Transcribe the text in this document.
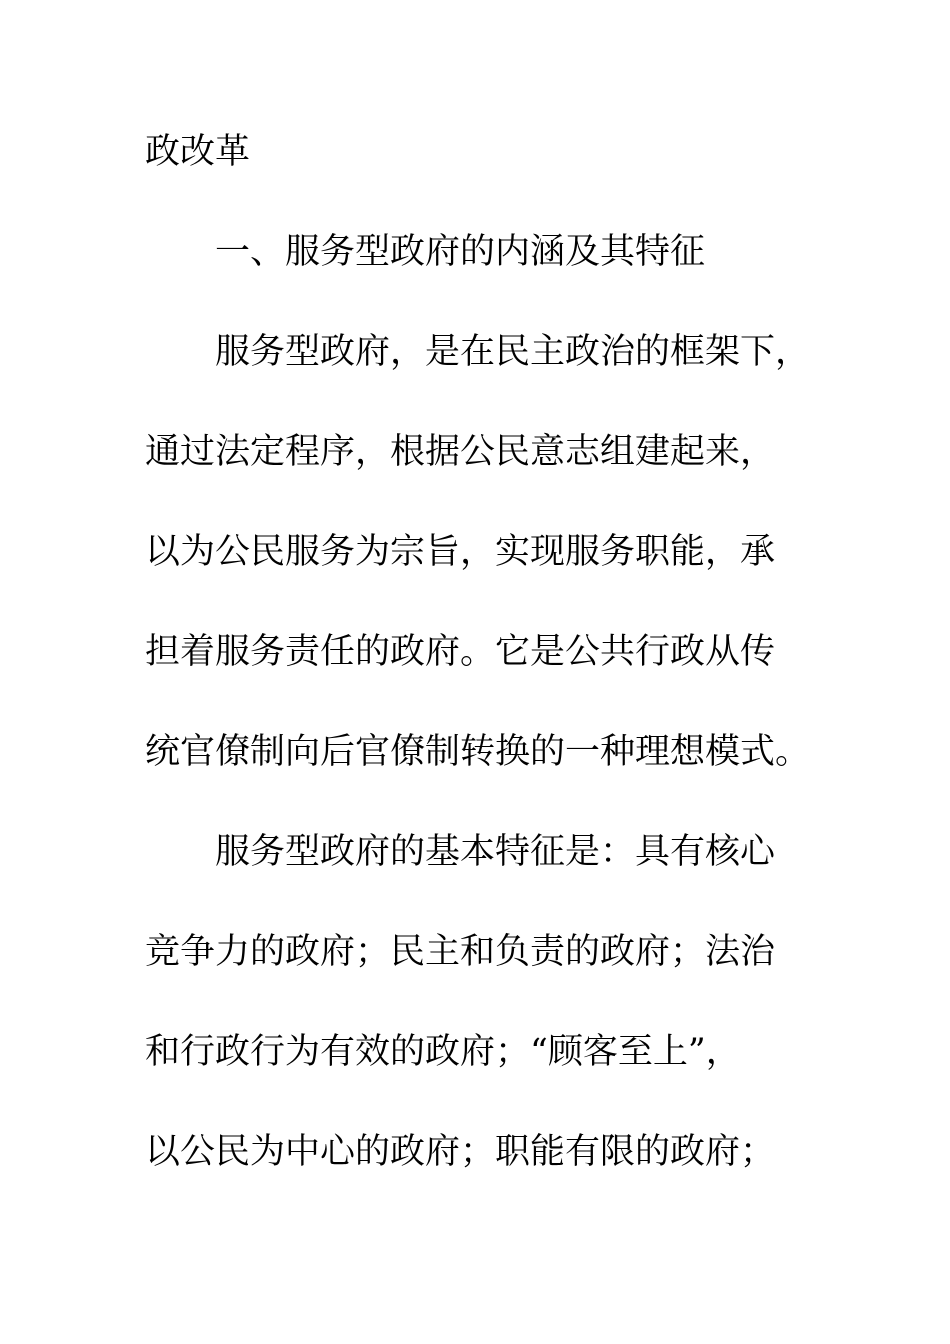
政改革
一、服务型政府的内涵及其特征
服务型政府，是在民主政治的框架下，
通过法定程序，根据公民意志组建起来，
以为公民服务为宗旨，实现服务职能，承
担着服务责任的政府。它是公共行政从传
统官僚制向后官僚制转换的一种理想模式。
服务型政府的基本特征是：具有核心
竞争力的政府；民主和负责的政府；法治
和行政行为有效的政府；“顾客至上”，
以公民为中心的政府；职能有限的政府；
